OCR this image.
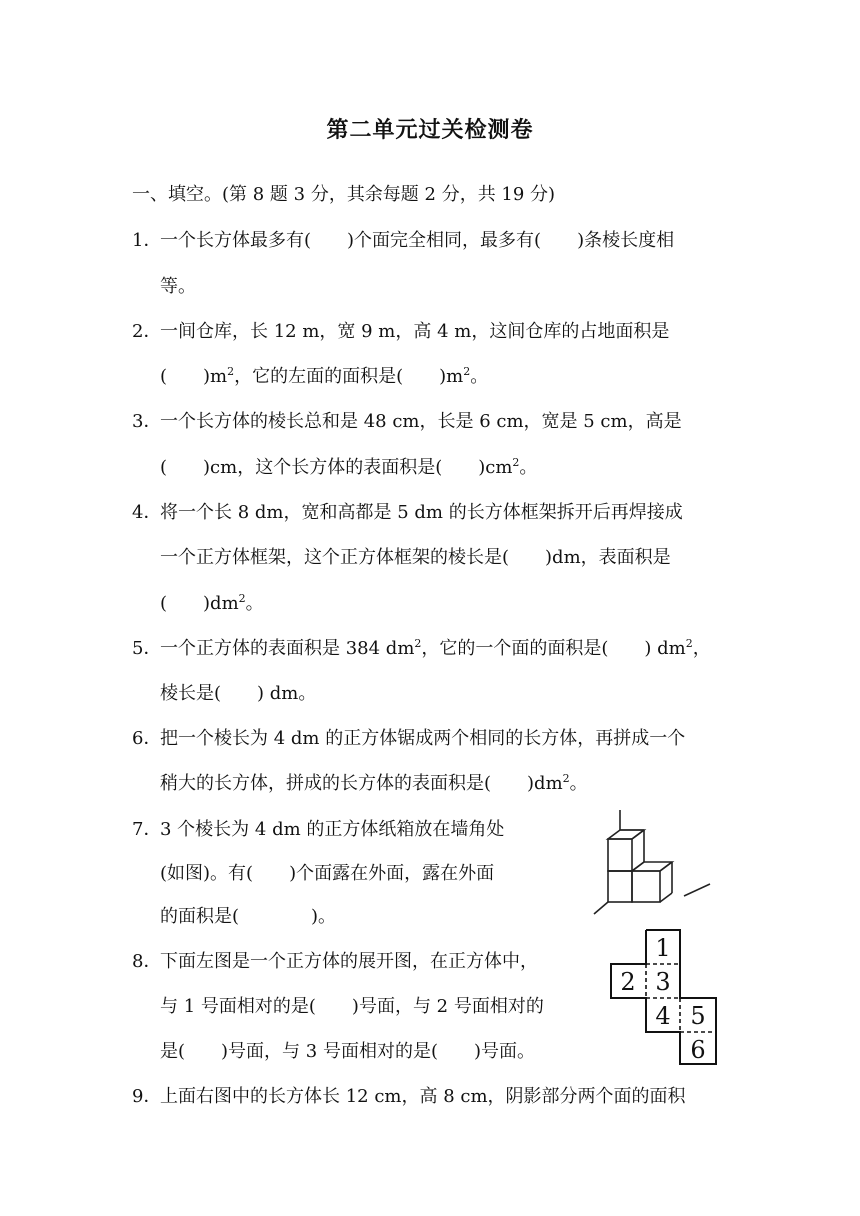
第二单元过关检测卷
一、填空。(第 8 题 3 分，其余每题 2 分，共 19 分)
1．一个长方体最多有(　　)个面完全相同，最多有(　　)条棱长度相
等。
2．一间仓库，长 12 m，宽 9 m，高 4 m，这间仓库的占地面积是
(　　)$m^2$，它的左面的面积是(　　)$m^2$。
3．一个长方体的棱长总和是 48 cm，长是 6 cm，宽是 5 cm，高是
(　　)cm，这个长方体的表面积是(　　)$cm^2$。
4．将一个长 8 dm，宽和高都是 5 dm 的长方体框架拆开后再焊接成
一个正方体框架，这个正方体框架的棱长是(　　)dm，表面积是
(　　)$dm^2$。
5．一个正方体的表面积是 384 $dm^2$，它的一个面的面积是(　　) $dm^2$，
棱长是(　　) dm。
6．把一个棱长为 4 dm 的正方体锯成两个相同的长方体，再拼成一个
稍大的长方体，拼成的长方体的表面积是(　　)$dm^2$。
7．3 个棱长为 4 dm 的正方体纸箱放在墙角处
(如图)。有(　　)个面露在外面，露在外面
的面积是(　　　　)。
8．下面左图是一个正方体的展开图，在正方体中，
与 1 号面相对的是(　　)号面，与 2 号面相对的
是(　　)号面，与 3 号面相对的是(　　)号面。
1
2 3
4 5
6
9．上面右图中的长方体长 12 cm，高 8 cm，阴影部分两个面的面积
